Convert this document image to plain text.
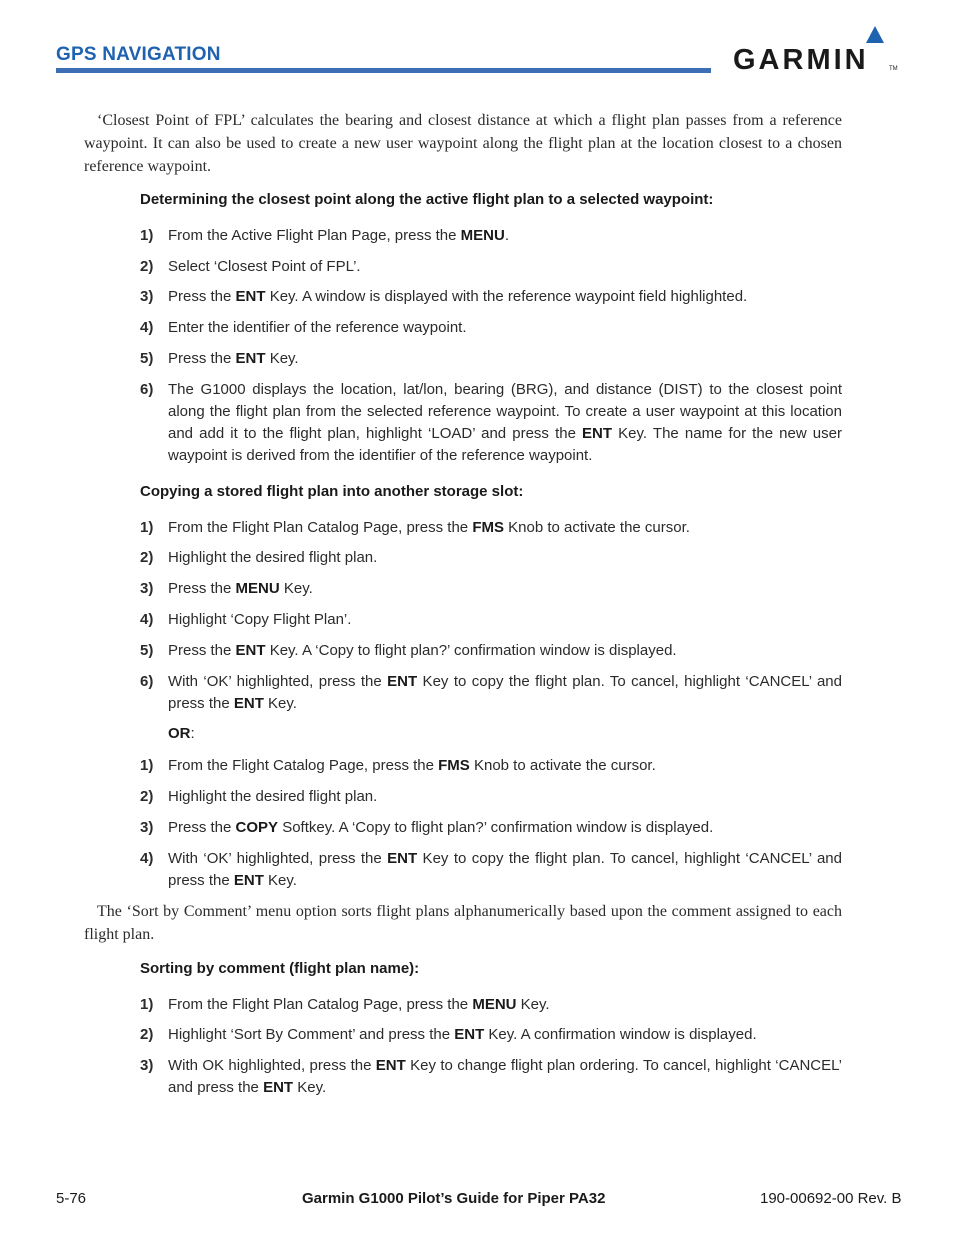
GPS NAVIGATION	GARMIN	TM
‘Closest Point of FPL’ calculates the bearing and closest distance at which a flight plan passes from a reference waypoint. It can also be used to create a new user waypoint along the flight plan at the location closest to a chosen reference waypoint.
Determining the closest point along the active flight plan to a selected waypoint:
1) From the Active Flight Plan Page, press the MENU.
2) Select ‘Closest Point of FPL’.
3) Press the ENT Key. A window is displayed with the reference waypoint field highlighted.
4) Enter the identifier of the reference waypoint.
5) Press the ENT Key.
6) The G1000 displays the location, lat/lon, bearing (BRG), and distance (DIST) to the closest point along the flight plan from the selected reference waypoint. To create a user waypoint at this location and add it to the flight plan, highlight ‘LOAD’ and press the ENT Key. The name for the new user waypoint is derived from the identifier of the reference waypoint.
Copying a stored flight plan into another storage slot:
1) From the Flight Plan Catalog Page, press the FMS Knob to activate the cursor.
2) Highlight the desired flight plan.
3) Press the MENU Key.
4) Highlight ‘Copy Flight Plan’.
5) Press the ENT Key. A ‘Copy to flight plan?’ confirmation window is displayed.
6) With ‘OK’ highlighted, press the ENT Key to copy the flight plan. To cancel, highlight ‘CANCEL’ and press the ENT Key.
OR:
1) From the Flight Catalog Page, press the FMS Knob to activate the cursor.
2) Highlight the desired flight plan.
3) Press the COPY Softkey. A ‘Copy to flight plan?’ confirmation window is displayed.
4) With ‘OK’ highlighted, press the ENT Key to copy the flight plan. To cancel, highlight ‘CANCEL’ and press the ENT Key.
The ‘Sort by Comment’ menu option sorts flight plans alphanumerically based upon the comment assigned to each flight plan.
Sorting by comment (flight plan name):
1) From the Flight Plan Catalog Page, press the MENU Key.
2) Highlight ‘Sort By Comment’ and press the ENT Key. A confirmation window is displayed.
3) With OK highlighted, press the ENT Key to change flight plan ordering. To cancel, highlight ‘CANCEL’ and press the ENT Key.
5-76	Garmin G1000 Pilot’s Guide for Piper PA32	190-00692-00 Rev. B
